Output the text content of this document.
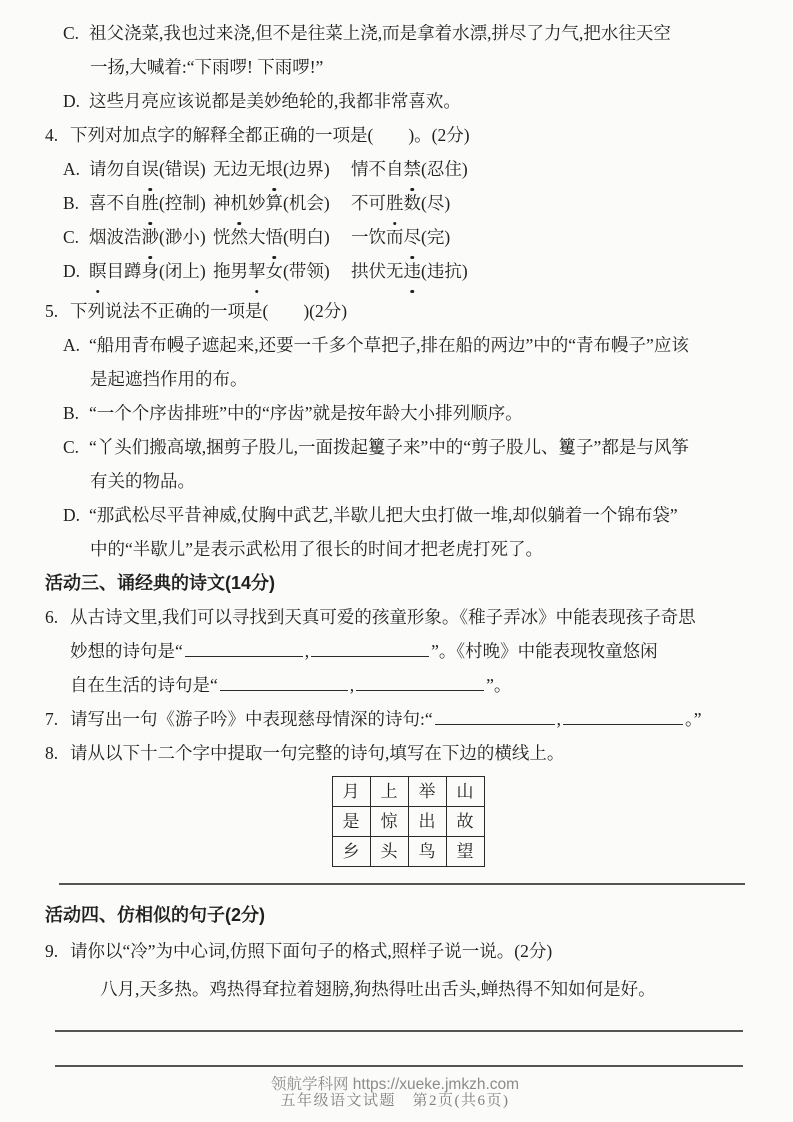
C. 祖父浇菜,我也过来浇,但不是往菜上浇,而是拿着水漂,拼尽了力气,把水往天空
一扬,大喊着:“下雨啰! 下雨啰!”
D. 这些月亮应该说都是美妙绝轮的,我都非常喜欢。
4. 下列对加点字的解释全都正确的一项是(　　)。(2分)
A. 请勿自误(错误) 无边无垠(边界)	情不自禁(忍住)
B. 喜不自胜(控制) 神机妙算(机会)	不可胜数(尽)
C. 烟波浩渺(渺小) 恍然大悟(明白)	一饮而尽(完)
D. 瞑目蹲身(闭上) 拖男挈女(带领)	拱伏无违(违抗)
5. 下列说法不正确的一项是(　　)(2分)
A. “船用青布幔子遮起来,还要一千多个草把子,排在船的两边”中的“青布幔子”应该
是起遮挡作用的布。
B. “一个个序齿排班”中的“序齿”就是按年龄大小排列顺序。
C. “丫头们搬高墩,捆剪子股儿,一面拨起籰子来”中的“剪子股儿、籰子”都是与风筝
有关的物品。
D. “那武松尽平昔神威,仗胸中武艺,半歇儿把大虫打做一堆,却似躺着一个锦布袋”
中的“半歇儿”是表示武松用了很长的时间才把老虎打死了。
活动三、诵经典的诗文(14分)
6. 从古诗文里,我们可以寻找到天真可爱的孩童形象。《稚子弄冰》中能表现孩子奇思
妙想的诗句是“	,	”。《村晚》中能表现牧童悠闲
自在生活的诗句是“	,	”。
7. 请写出一句《游子吟》中表现慈母情深的诗句:“	,	。”
8. 请从以下十二个字中提取一句完整的诗句,填写在下边的横线上。
月	上	举	山
是	惊	出	故
乡	头	鸟	望
活动四、仿相似的句子(2分)
9. 请你以“冷”为中心词,仿照下面句子的格式,照样子说一说。(2分)
八月,天多热。鸡热得耷拉着翅膀,狗热得吐出舌头,蝉热得不知如何是好。
领航学科网 https://xueke.jmkzh.com
五年级语文试题　第2页(共6页)
